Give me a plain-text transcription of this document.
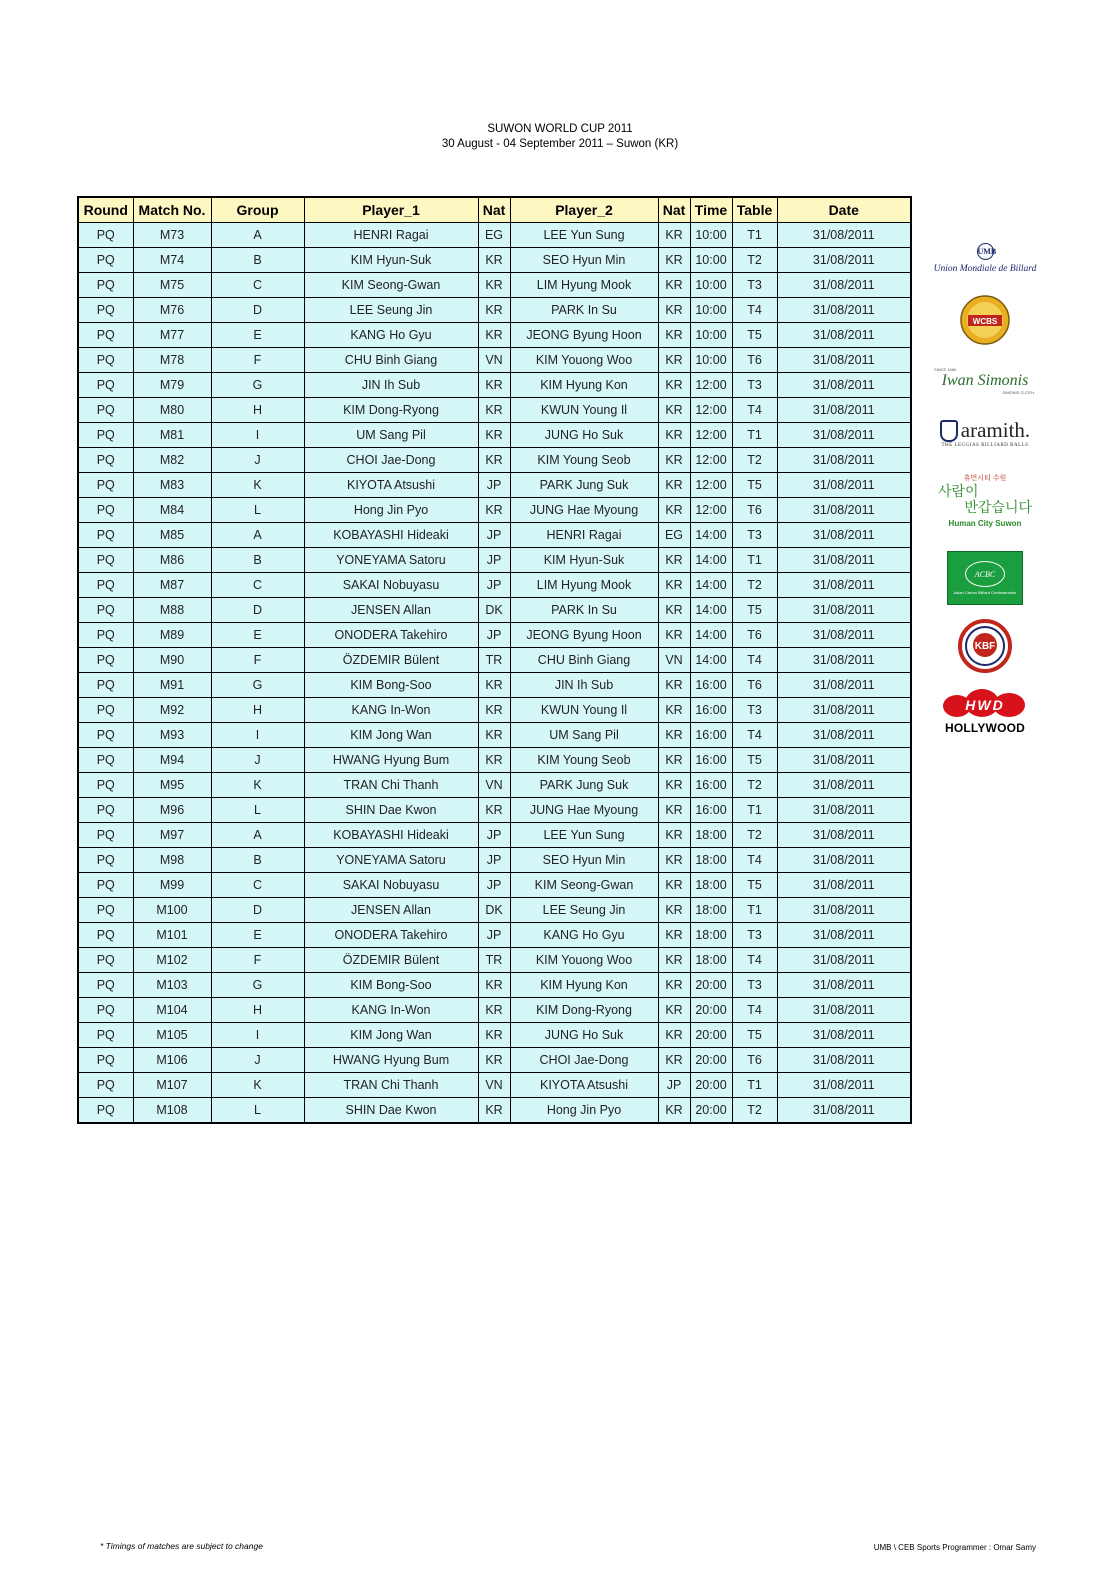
SUWON WORLD CUP 2011
30 August - 04 September 2011 – Suwon (KR)
Round	Match No.	Group	Player_1	Nat	Player_2	Nat	Time	Table	Date
PQ	M73	A	HENRI Ragai	EG	LEE Yun Sung	KR	10:00	T1	31/08/2011
PQ	M74	B	KIM Hyun-Suk	KR	SEO Hyun Min	KR	10:00	T2	31/08/2011
PQ	M75	C	KIM Seong-Gwan	KR	LIM Hyung Mook	KR	10:00	T3	31/08/2011
PQ	M76	D	LEE Seung Jin	KR	PARK In Su	KR	10:00	T4	31/08/2011
PQ	M77	E	KANG Ho Gyu	KR	JEONG Byung Hoon	KR	10:00	T5	31/08/2011
PQ	M78	F	CHU Binh Giang	VN	KIM Youong Woo	KR	10:00	T6	31/08/2011
PQ	M79	G	JIN Ih Sub	KR	KIM Hyung Kon	KR	12:00	T3	31/08/2011
PQ	M80	H	KIM Dong-Ryong	KR	KWUN Young Il	KR	12:00	T4	31/08/2011
PQ	M81	I	UM Sang Pil	KR	JUNG Ho Suk	KR	12:00	T1	31/08/2011
PQ	M82	J	CHOI Jae-Dong	KR	KIM Young Seob	KR	12:00	T2	31/08/2011
PQ	M83	K	KIYOTA Atsushi	JP	PARK Jung Suk	KR	12:00	T5	31/08/2011
PQ	M84	L	Hong Jin Pyo	KR	JUNG Hae Myoung	KR	12:00	T6	31/08/2011
PQ	M85	A	KOBAYASHI Hideaki	JP	HENRI Ragai	EG	14:00	T3	31/08/2011
PQ	M86	B	YONEYAMA Satoru	JP	KIM Hyun-Suk	KR	14:00	T1	31/08/2011
PQ	M87	C	SAKAI Nobuyasu	JP	LIM Hyung Mook	KR	14:00	T2	31/08/2011
PQ	M88	D	JENSEN Allan	DK	PARK In Su	KR	14:00	T5	31/08/2011
PQ	M89	E	ONODERA Takehiro	JP	JEONG Byung Hoon	KR	14:00	T6	31/08/2011
PQ	M90	F	ÖZDEMIR Bülent	TR	CHU Binh Giang	VN	14:00	T4	31/08/2011
PQ	M91	G	KIM Bong-Soo	KR	JIN Ih Sub	KR	16:00	T6	31/08/2011
PQ	M92	H	KANG In-Won	KR	KWUN Young Il	KR	16:00	T3	31/08/2011
PQ	M93	I	KIM Jong Wan	KR	UM Sang Pil	KR	16:00	T4	31/08/2011
PQ	M94	J	HWANG Hyung Bum	KR	KIM Young Seob	KR	16:00	T5	31/08/2011
PQ	M95	K	TRAN Chi Thanh	VN	PARK Jung Suk	KR	16:00	T2	31/08/2011
PQ	M96	L	SHIN Dae Kwon	KR	JUNG Hae Myoung	KR	16:00	T1	31/08/2011
PQ	M97	A	KOBAYASHI Hideaki	JP	LEE Yun Sung	KR	18:00	T2	31/08/2011
PQ	M98	B	YONEYAMA Satoru	JP	SEO Hyun Min	KR	18:00	T4	31/08/2011
PQ	M99	C	SAKAI Nobuyasu	JP	KIM Seong-Gwan	KR	18:00	T5	31/08/2011
PQ	M100	D	JENSEN Allan	DK	LEE Seung Jin	KR	18:00	T1	31/08/2011
PQ	M101	E	ONODERA Takehiro	JP	KANG Ho Gyu	KR	18:00	T3	31/08/2011
PQ	M102	F	ÖZDEMIR Bülent	TR	KIM Youong Woo	KR	18:00	T4	31/08/2011
PQ	M103	G	KIM Bong-Soo	KR	KIM Hyung Kon	KR	20:00	T3	31/08/2011
PQ	M104	H	KANG In-Won	KR	KIM Dong-Ryong	KR	20:00	T4	31/08/2011
PQ	M105	I	KIM Jong Wan	KR	JUNG Ho Suk	KR	20:00	T5	31/08/2011
PQ	M106	J	HWANG Hyung Bum	KR	CHOI Jae-Dong	KR	20:00	T6	31/08/2011
PQ	M107	K	TRAN Chi Thanh	VN	KIYOTA Atsushi	JP	20:00	T1	31/08/2011
PQ	M108	L	SHIN Dae Kwon	KR	Hong Jin Pyo	KR	20:00	T2	31/08/2011
UMB
Union Mondiale de Billard
WCBS
SINCE 1680
Iwan Simonis
SIMONIS CLOTH
aramith.
THE LEGGIAS BILLIARD BALLS
휴먼시티 수원
사람이
반갑습니다
Human City Suwon
ACBC
Asian Carom Billiard Confederation
KBF
HWD
HOLLYWOOD
* Timings of matches are subject to change	UMB \ CEB Sports Programmer : Omar Samy
